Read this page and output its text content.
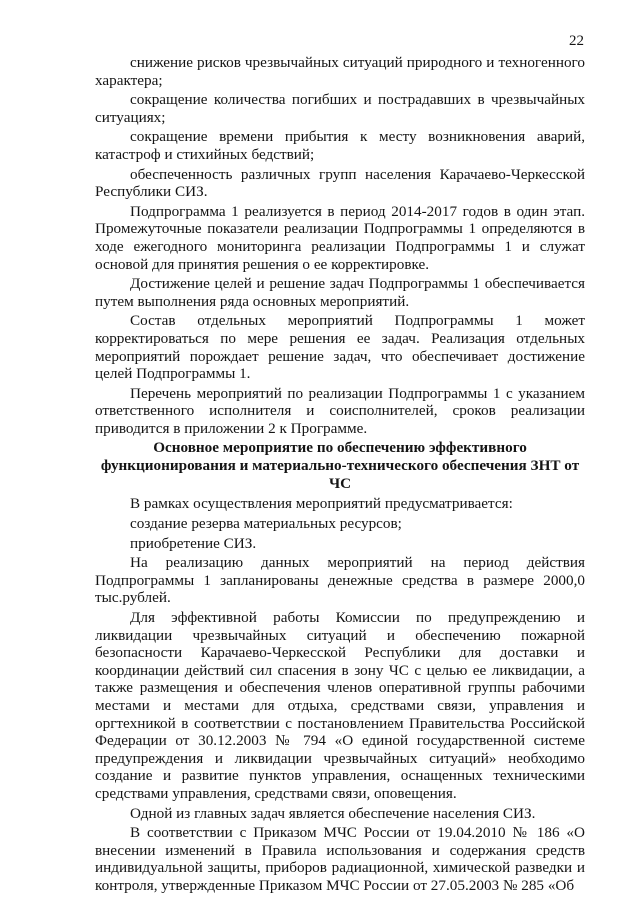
22

снижение рисков чрезвычайных ситуаций природного и техногенного характера;

сокращение количества погибших и пострадавших в чрезвычайных ситуациях;

сокращение времени прибытия к месту возникновения аварий, катастроф и стихийных бедствий;

обеспеченность различных групп населения Карачаево-Черкесской Республики СИЗ.

Подпрограмма 1 реализуется в период 2014-2017 годов в один этап. Промежуточные показатели реализации Подпрограммы 1 определяются в ходе ежегодного мониторинга реализации Подпрограммы 1 и служат основой для принятия решения о ее корректировке.

Достижение целей и решение задач Подпрограммы 1 обеспечивается путем выполнения ряда основных мероприятий.

Состав отдельных мероприятий Подпрограммы 1 может корректироваться по мере решения ее задач. Реализация отдельных мероприятий порождает решение задач, что обеспечивает достижение целей Подпрограммы 1.

Перечень мероприятий по реализации Подпрограммы 1 с указанием ответственного исполнителя и соисполнителей, сроков реализации приводится в приложении 2 к Программе.

Основное мероприятие по обеспечению эффективного функционирования и материально-технического обеспечения ЗНТ от ЧС

В рамках осуществления мероприятий предусматривается:

создание резерва материальных ресурсов;

приобретение СИЗ.

На реализацию данных мероприятий на период действия Подпрограммы 1 запланированы денежные средства в размере 2000,0 тыс.рублей.

Для эффективной работы Комиссии по предупреждению и ликвидации чрезвычайных ситуаций и обеспечению пожарной безопасности Карачаево-Черкесской Республики для доставки и координации действий сил спасения в зону ЧС с целью ее ликвидации, а также размещения и обеспечения членов оперативной группы рабочими местами и местами для отдыха, средствами связи, управления и оргтехникой в соответствии с постановлением Правительства Российской Федерации от 30.12.2003 № 794 «О единой государственной системе предупреждения и ликвидации чрезвычайных ситуаций» необходимо создание и развитие пунктов управления, оснащенных техническими средствами управления, средствами связи, оповещения.

Одной из главных задач является обеспечение населения СИЗ.

В соответствии с Приказом МЧС России от 19.04.2010 № 186 «О внесении изменений в Правила использования и содержания средств индивидуальной защиты, приборов радиационной, химической разведки и контроля, утвержденные Приказом МЧС России от 27.05.2003 № 285 «Об
